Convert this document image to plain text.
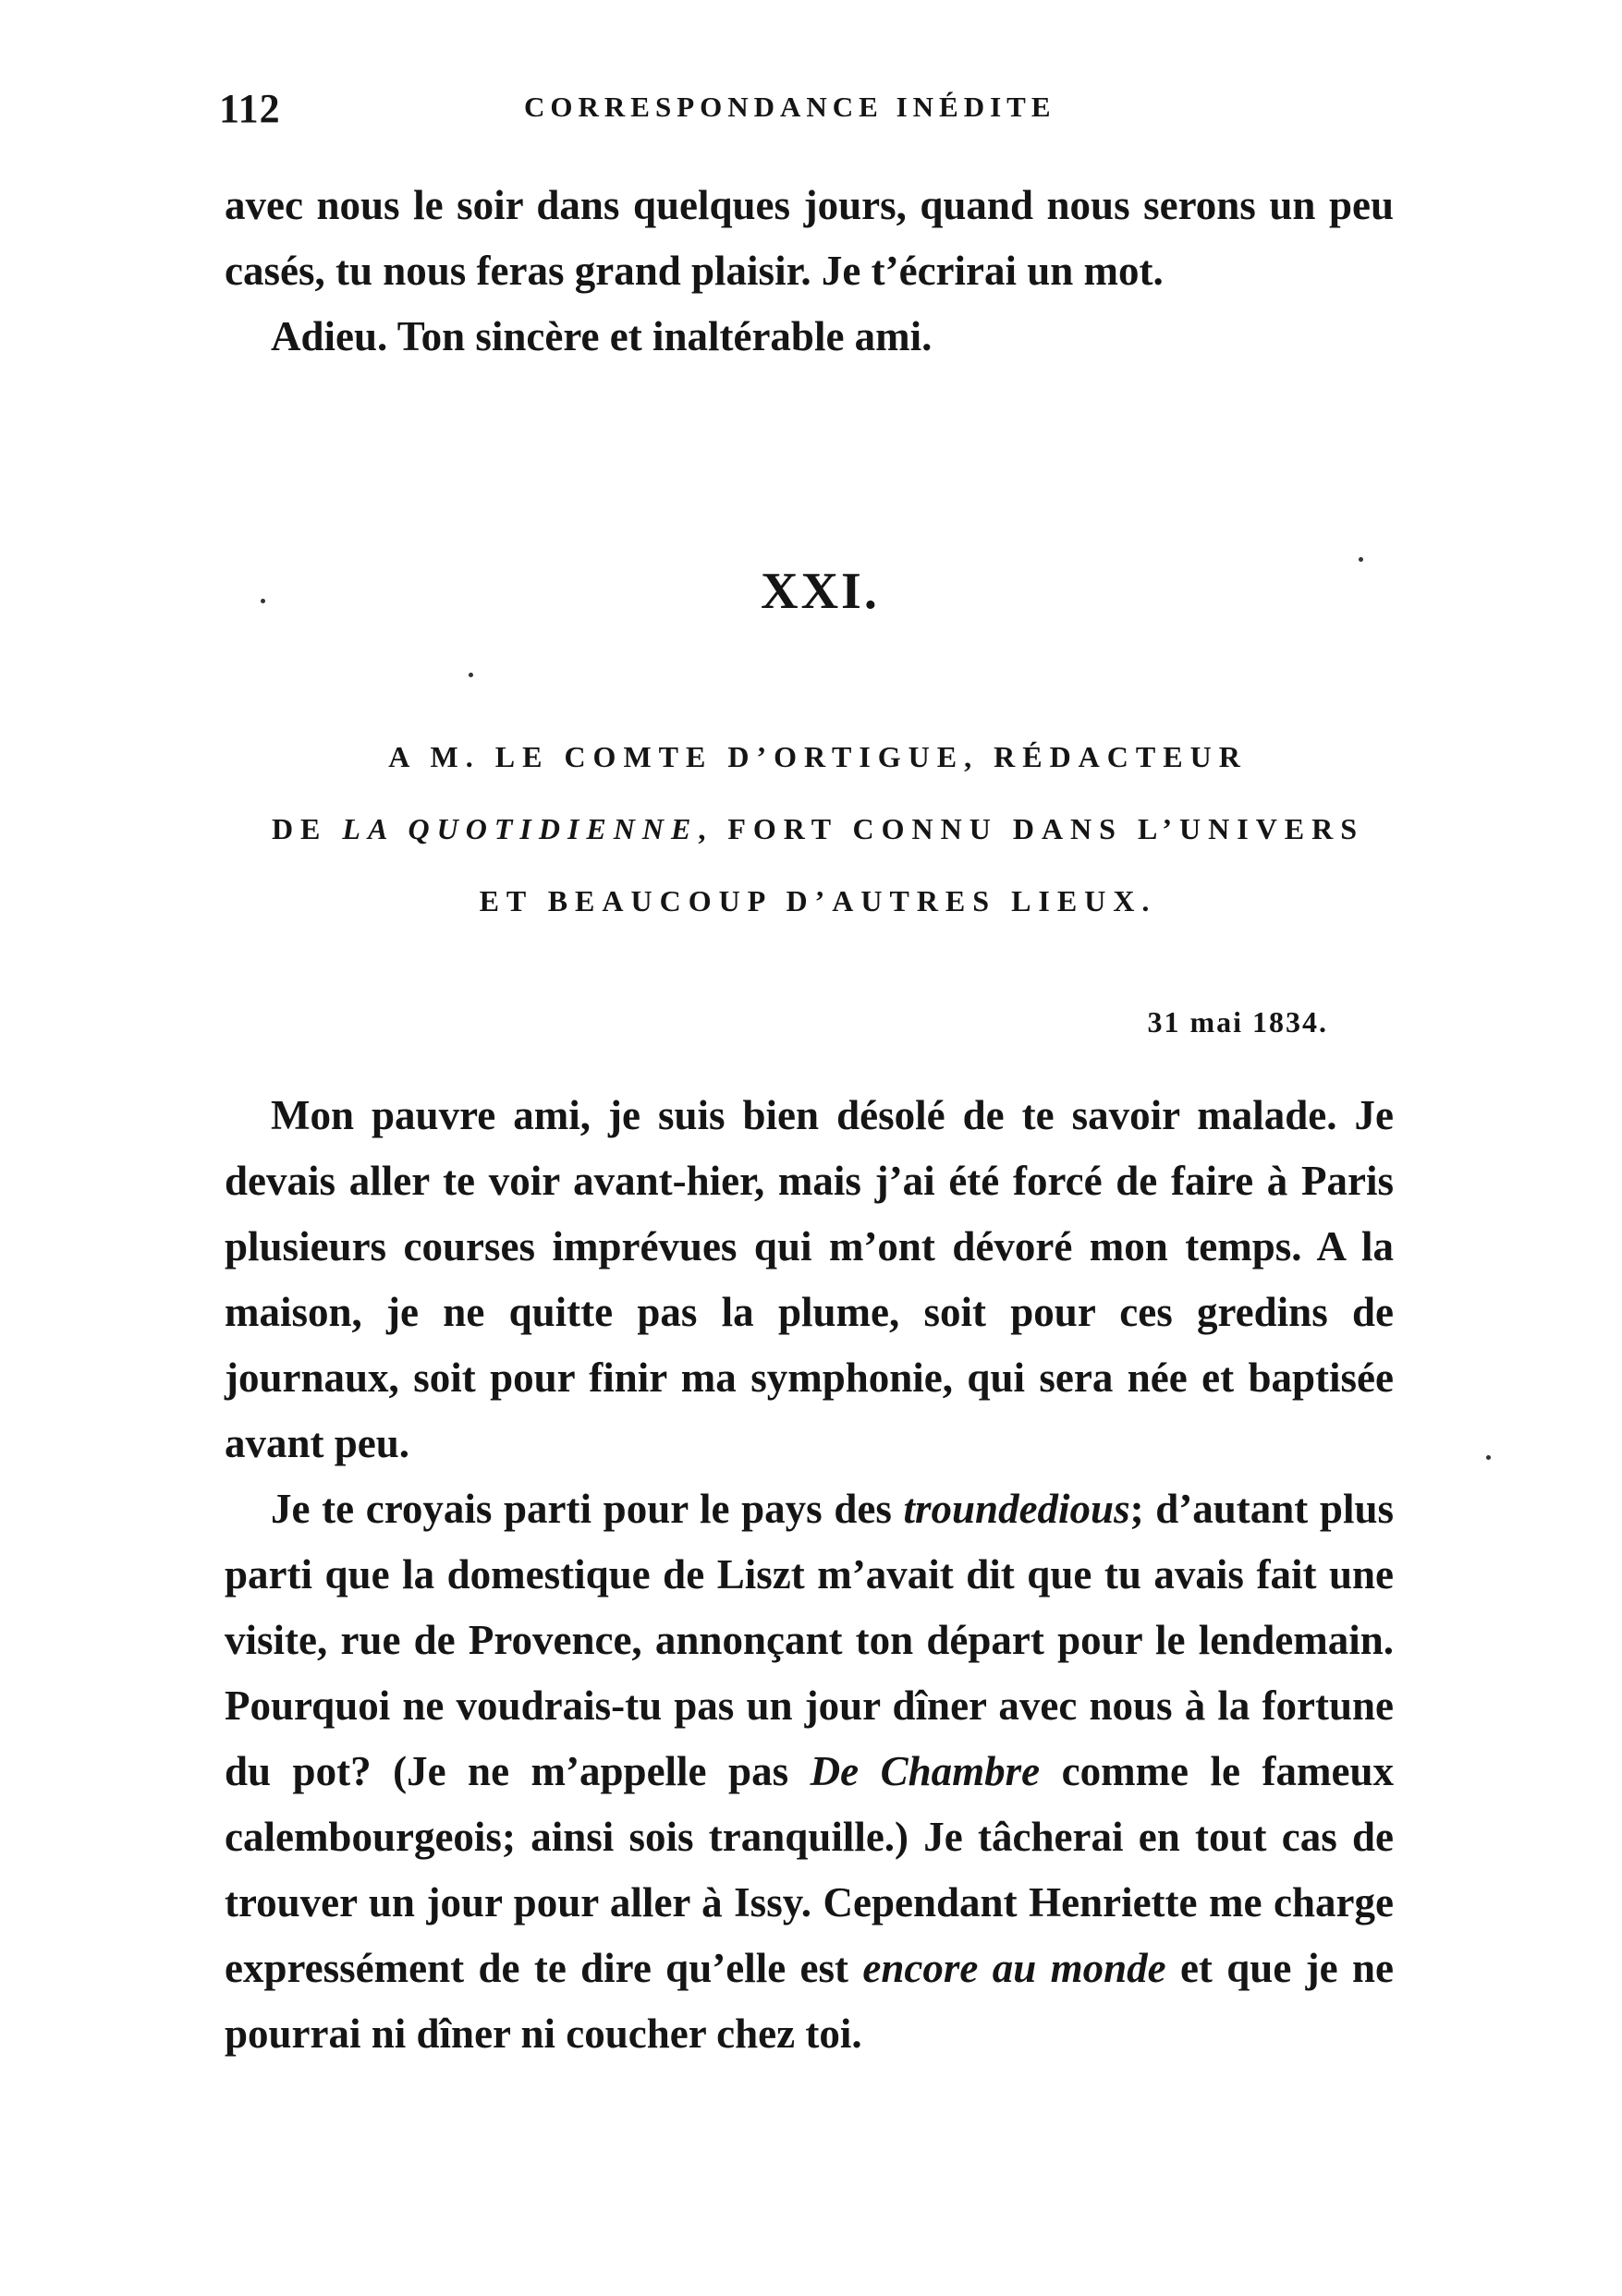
112	CORRESPONDANCE INÉDITE

avec nous le soir dans quelques jours, quand nous serons un peu casés, tu nous feras grand plaisir. Je t’écrirai un mot.

Adieu. Ton sincère et inaltérable ami.

XXI.
A M. LE COMTE D’ORTIGUE, RÉDACTEUR
DE LA QUOTIDIENNE, FORT CONNU DANS L’UNIVERS
ET BEAUCOUP D’AUTRES LIEUX.
31 mai 1834.

Mon pauvre ami, je suis bien désolé de te savoir malade. Je devais aller te voir avant-hier, mais j’ai été forcé de faire à Paris plusieurs courses imprévues qui m’ont dévoré mon temps. A la maison, je ne quitte pas la plume, soit pour ces gredins de journaux, soit pour finir ma symphonie, qui sera née et baptisée avant peu.

Je te croyais parti pour le pays des troundedious; d’autant plus parti que la domestique de Liszt m’avait dit que tu avais fait une visite, rue de Provence, annonçant ton départ pour le lendemain. Pourquoi ne voudrais-tu pas un jour dîner avec nous à la fortune du pot? (Je ne m’appelle pas De Chambre comme le fameux calembourgeois; ainsi sois tranquille.) Je tâcherai en tout cas de trouver un jour pour aller à Issy. Cependant Henriette me charge expressément de te dire qu’elle est encore au monde et que je ne pourrai ni dîner ni coucher chez toi.
